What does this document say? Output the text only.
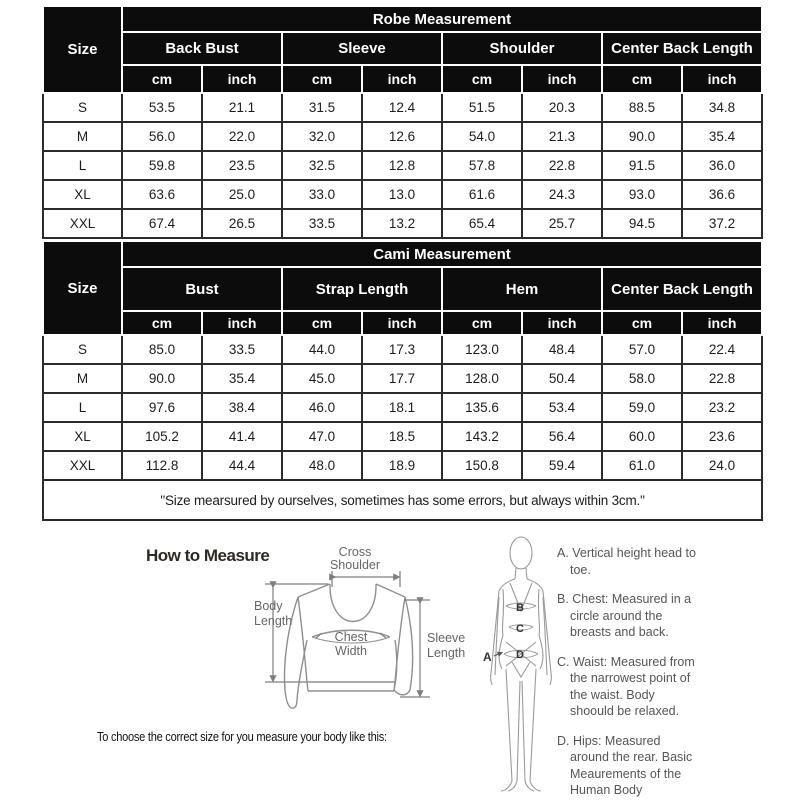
Size	Robe Measurement							
	Back Bust		Sleeve		Shoulder		Center Back Length	
	cm	inch	cm	inch	cm	inch	cm	inch
S	53.5	21.1	31.5	12.4	51.5	20.3	88.5	34.8
M	56.0	22.0	32.0	12.6	54.0	21.3	90.0	35.4
L	59.8	23.5	32.5	12.8	57.8	22.8	91.5	36.0
XL	63.6	25.0	33.0	13.0	61.6	24.3	93.0	36.6
XXL	67.4	26.5	33.5	13.2	65.4	25.7	94.5	37.2
Size	Cami Measurement							
	Bust		Strap Length		Hem		Center Back Length	
	cm	inch	cm	inch	cm	inch	cm	inch
S	85.0	33.5	44.0	17.3	123.0	48.4	57.0	22.4
M	90.0	35.4	45.0	17.7	128.0	50.4	58.0	22.8
L	97.6	38.4	46.0	18.1	135.6	53.4	59.0	23.2
XL	105.2	41.4	47.0	18.5	143.2	56.4	60.0	23.6
XXL	112.8	44.4	48.0	18.9	150.8	59.4	61.0	24.0
"Size mearsured by ourselves, sometimes has some errors, but always within 3cm."								
How to Measure	Cross
Shoulder
Body
Length
Chest
Width
Sleeve
Length
B
C
D
A

A. Vertical height head to toe.

B. Chest: Measured in a circle around the breasts and back.

C. Waist: Measured from the narrowest point of the waist. Body shoould be relaxed.

D. Hips: Measured around the rear. Basic Meaurements of the Human Body

To choose the correct size for you measure your body like this:
